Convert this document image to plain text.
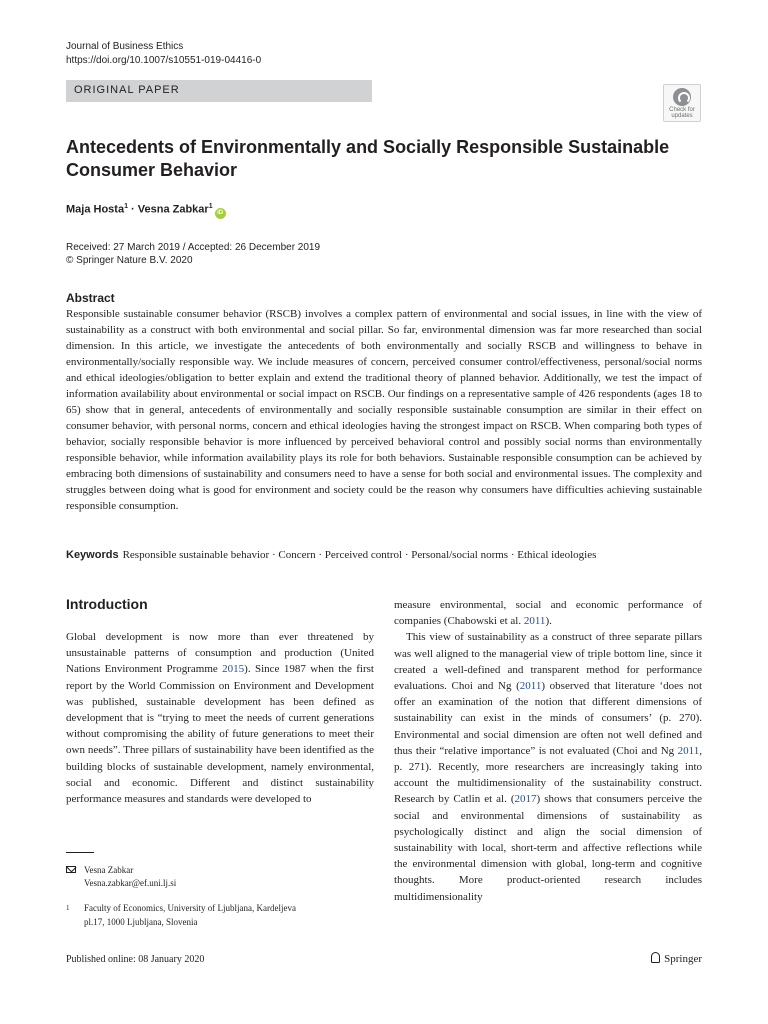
Journal of Business Ethics
https://doi.org/10.1007/s10551-019-04416-0
ORIGINAL PAPER
Check for
updates
Antecedents of Environmentally and Socially Responsible Sustainable Consumer Behavior
Maja Hosta$^1$ · Vesna Zabkar$^1$iD
Received: 27 March 2019 / Accepted: 26 December 2019
© Springer Nature B.V. 2020
Abstract

Responsible sustainable consumer behavior (RSCB) involves a complex pattern of environmental and social issues, in line with the view of sustainability as a construct with both environmental and social pillar. So far, environmental dimension was far more researched than social dimension. In this article, we investigate the antecedents of both environmentally and socially RSCB and willingness to behave in environmentally/socially responsible way. We include measures of concern, perceived consumer control/effectiveness, personal/social norms and ethical ideologies/obligation to better explain and extend the traditional theory of planned behavior. Additionally, we test the impact of information availability about environmental or social impact on RSCB. Our findings on a representative sample of 426 respondents (ages 18 to 65) show that in general, antecedents of environmentally and socially responsible sustainable consumption are similar in their effect on consumer behavior, with personal norms, concern and ethical ideologies having the strongest impact on RSCB. When comparing both types of behavior, socially responsible behavior is more influenced by perceived behavioral control and possibly social norms than environmentally responsible behavior, while information availability plays its role for both behaviors. Sustainable responsible consumption can be achieved by embracing both dimensions of sustainability and consumers need to have a sense for both social and environmental issues. The complexity and struggles between doing what is good for environment and society could be the reason why consumers have difficulties achieving sustainable responsible consumption.

Keywords Responsible sustainable behavior · Concern · Perceived control · Personal/social norms · Ethical ideologies
Introduction

Global development is now more than ever threatened by unsustainable patterns of consumption and production (United Nations Environment Programme 2015). Since 1987 when the first report by the World Commission on Environment and Development was published, sustainable development has been defined as development that is “trying to meet the needs of current generations without compromising the ability of future generations to meet their own needs”. Three pillars of sustainability have been identified as the building blocks of sustainable development, namely environmental, social and economic. Different and distinct sustainability performance measures and standards were developed to

measure environmental, social and economic performance of companies (Chabowski et al. 2011).

This view of sustainability as a construct of three separate pillars was well aligned to the managerial view of triple bottom line, since it created a well-defined and transparent method for performance evaluations. Choi and Ng (2011) observed that literature ‘does not offer an examination of the notion that different dimensions of sustainability can exist in the minds of consumers’ (p. 270). Environmental and social dimension are often not well defined and thus their “relative importance” is not evaluated (Choi and Ng 2011, p. 271). Recently, more researchers are increasingly taking into account the multidimensionality of the sustainability construct. Research by Catlin et al. (2017) shows that consumers perceive the social and environmental dimensions of sustainability as psychologically distinct and align the social dimension of sustainability with local, short-term and affective reflections while the environmental dimension with global, long-term and cognitive thoughts. More product-oriented research includes multidimensionality

Vesna Zabkar
Vesna.zabkar@ef.uni.lj.si
1 Faculty of Economics, University of Ljubljana, Kardeljeva
pl.17, 1000 Ljubljana, Slovenia
Published online: 08 January 2020	Springer
